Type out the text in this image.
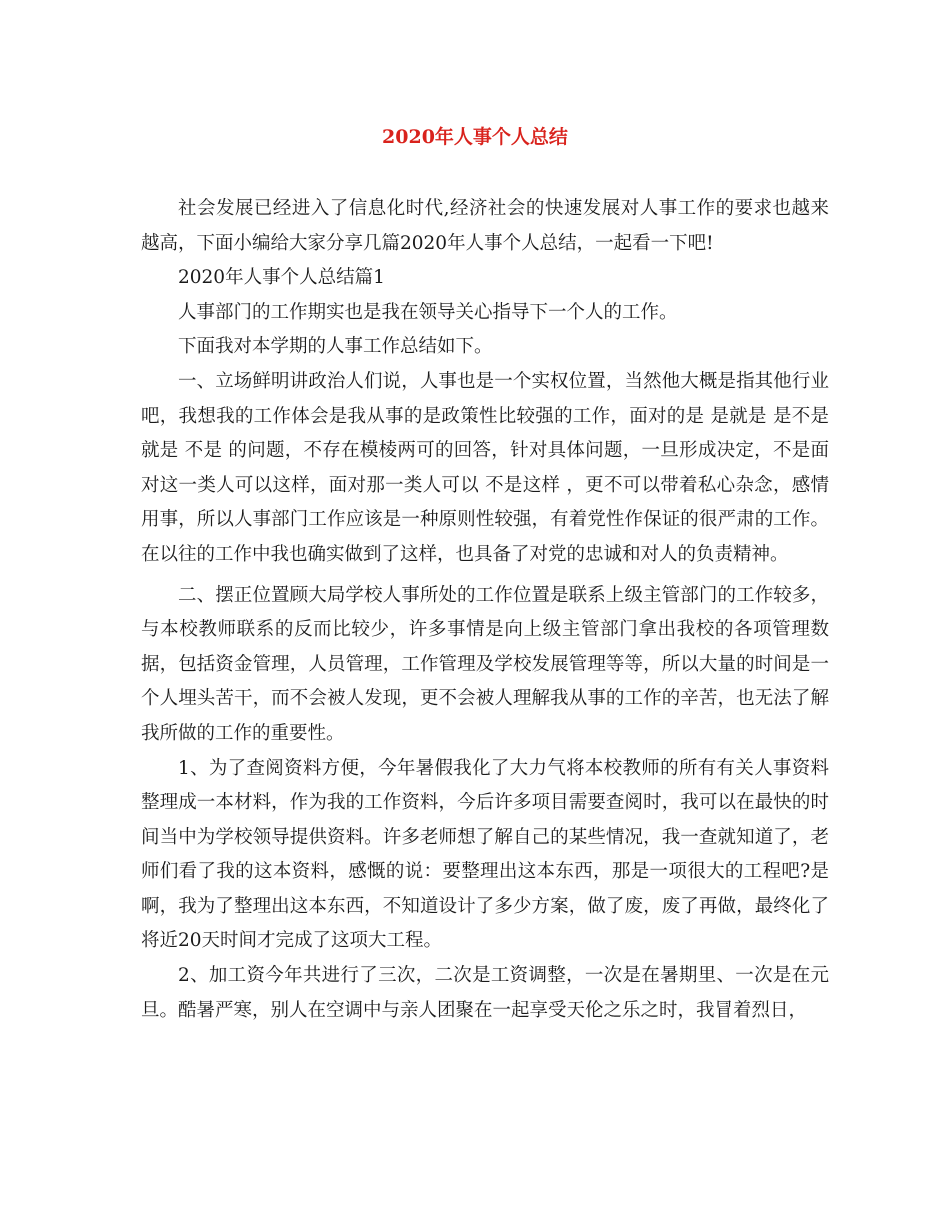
2020年人事个人总结

社会发展已经进入了信息化时代,经济社会的快速发展对人事工作的要求也越来越高，下面小编给大家分享几篇2020年人事个人总结，一起看一下吧!

2020年人事个人总结篇1

人事部门的工作期实也是我在领导关心指导下一个人的工作。

下面我对本学期的人事工作总结如下。

一、立场鲜明讲政治人们说，人事也是一个实权位置，当然他大概是指其他行业吧，我想我的工作体会是我从事的是政策性比较强的工作，面对的是 是就是 是不是就是 不是 的问题，不存在模棱两可的回答，针对具体问题，一旦形成决定，不是面对这一类人可以这样，面对那一类人可以 不是这样 ，更不可以带着私心杂念，感情用事，所以人事部门工作应该是一种原则性较强，有着党性作保证的很严肃的工作。在以往的工作中我也确实做到了这样，也具备了对党的忠诚和对人的负责精神。

二、摆正位置顾大局学校人事所处的工作位置是联系上级主管部门的工作较多，与本校教师联系的反而比较少，许多事情是向上级主管部门拿出我校的各项管理数据，包括资金管理，人员管理，工作管理及学校发展管理等等，所以大量的时间是一个人埋头苦干，而不会被人发现，更不会被人理解我从事的工作的辛苦，也无法了解我所做的工作的重要性。

1、为了查阅资料方便，今年暑假我化了大力气将本校教师的所有有关人事资料整理成一本材料，作为我的工作资料，今后许多项目需要查阅时，我可以在最快的时间当中为学校领导提供资料。许多老师想了解自己的某些情况，我一查就知道了，老师们看了我的这本资料，感慨的说：要整理出这本东西，那是一项很大的工程吧?是啊，我为了整理出这本东西，不知道设计了多少方案，做了废，废了再做，最终化了将近20天时间才完成了这项大工程。

2、加工资今年共进行了三次，二次是工资调整，一次是在暑期里、一次是在元旦。酷暑严寒，别人在空调中与亲人团聚在一起享受天伦之乐之时，我冒着烈日，
